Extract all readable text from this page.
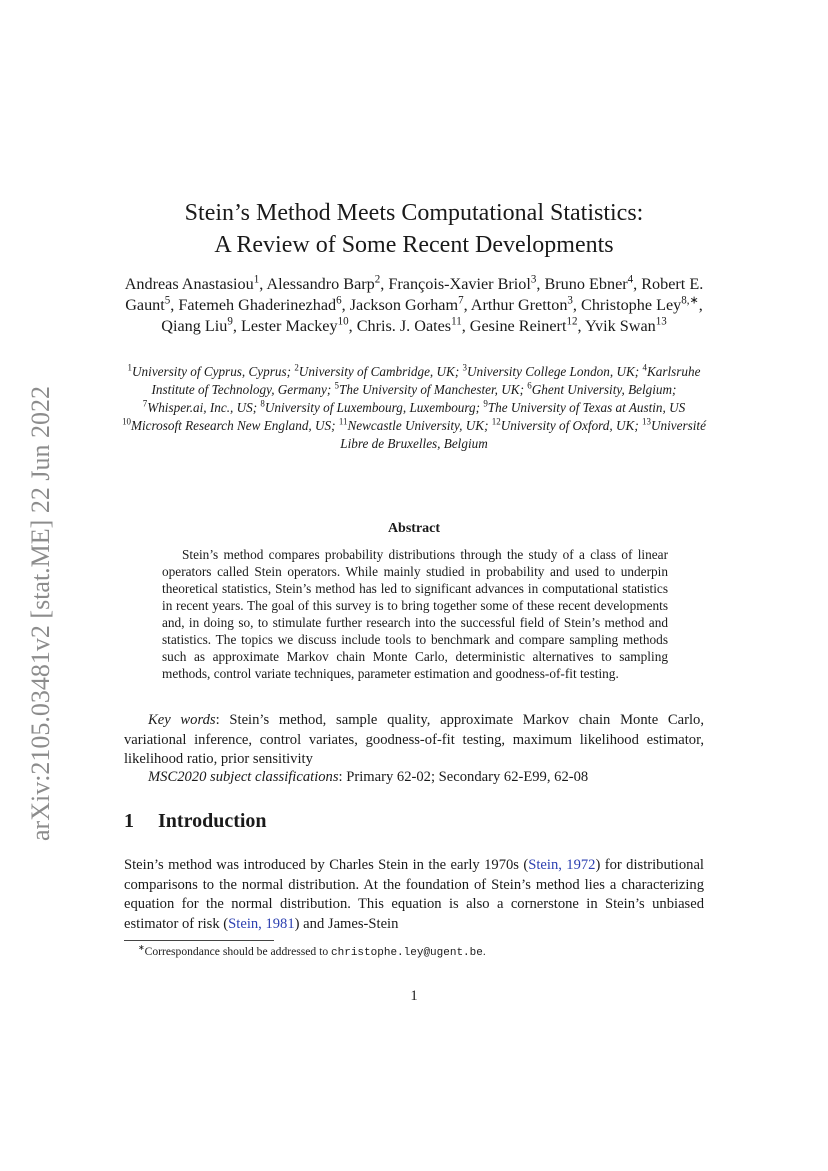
arXiv:2105.03481v2 [stat.ME] 22 Jun 2022
Stein’s Method Meets Computational Statistics:
A Review of Some Recent Developments
Andreas Anastasiou$^1$, Alessandro Barp$^2$, François-Xavier Briol$^3$, Bruno Ebner$^4$, Robert E. Gaunt$^5$, Fatemeh Ghaderinezhad$^6$, Jackson Gorham$^7$, Arthur Gretton$^3$, Christophe Ley$^{8,∗}$, Qiang Liu$^9$, Lester Mackey$^{10}$, Chris. J. Oates$^{11}$, Gesine Reinert$^{12}$, Yvik Swan$^{13}$
$^1$University of Cyprus, Cyprus; $^2$University of Cambridge, UK; $^3$University College London, UK; $^4$Karlsruhe Institute of Technology, Germany; $^5$The University of Manchester, UK; $^6$Ghent University, Belgium; $^7$Whisper.ai, Inc., US; $^8$University of Luxembourg, Luxembourg; $^9$The University of Texas at Austin, US $^{10}$Microsoft Research New England, US; $^{11}$Newcastle University, UK; $^{12}$University of Oxford, UK; $^{13}$Université Libre de Bruxelles, Belgium
Abstract

Stein’s method compares probability distributions through the study of a class of linear operators called Stein operators. While mainly studied in probability and used to underpin theoretical statistics, Stein’s method has led to significant advances in computational statistics in recent years. The goal of this survey is to bring together some of these recent developments and, in doing so, to stimulate further research into the successful field of Stein’s method and statistics. The topics we discuss include tools to benchmark and compare sampling methods such as approximate Markov chain Monte Carlo, deterministic alternatives to sampling methods, control variate techniques, parameter estimation and goodness-of-fit testing.

Key words: Stein’s method, sample quality, approximate Markov chain Monte Carlo, variational inference, control variates, goodness-of-fit testing, maximum likelihood estimator, likelihood ratio, prior sensitivity

MSC2020 subject classifications: Primary 62-02; Secondary 62-E99, 62-08
1 Introduction

Stein’s method was introduced by Charles Stein in the early 1970s (Stein, 1972) for distributional comparisons to the normal distribution. At the foundation of Stein’s method lies a characterizing equation for the normal distribution. This equation is also a cornerstone in Stein’s unbiased estimator of risk (Stein, 1981) and James-Stein

∗Correspondance should be addressed to christophe.ley@ugent.be.
1
